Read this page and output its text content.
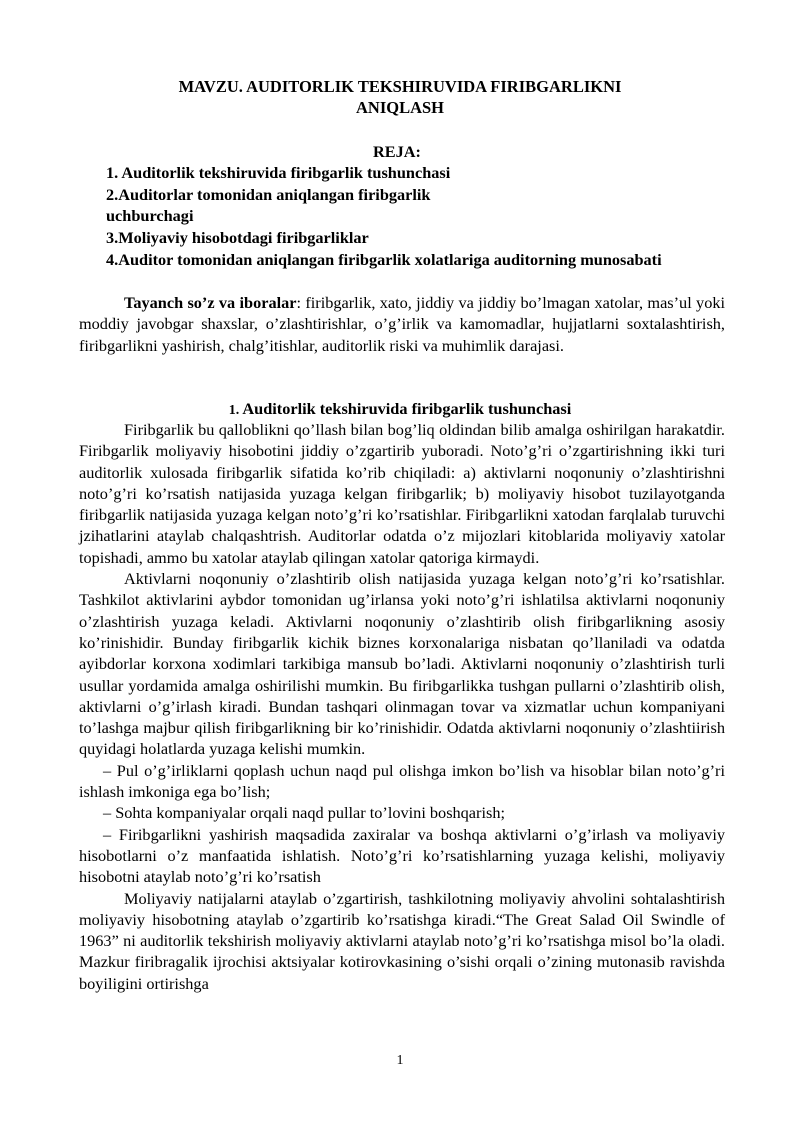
MAVZU. AUDITORLIK TEKSHIRUVIDA FIRIBGARLIKNI
ANIQLASH
REJA:
1. Auditorlik tekshiruvida firibgarlik tushunchasi
2.Auditorlar tomonidan aniqlangan firibgarlik
uchburchagi
3.Moliyaviy hisobotdagi firibgarliklar
4.Auditor tomonidan aniqlangan firibgarlik xolatlariga auditorning munosabati
Tayanch so’z va iboralar: firibgarlik, xato, jiddiy va jiddiy bo’lmagan xatolar, mas’ul yoki moddiy javobgar shaxslar, o’zlashtirishlar, o’g’irlik va kamomadlar, hujjatlarni soxtalashtirish, firibgarlikni yashirish, chalg’itishlar, auditorlik riski va muhimlik darajasi.
1. Auditorlik tekshiruvida firibgarlik tushunchasi

Firibgarlik bu qalloblikni qo’llash bilan bog’liq oldindan bilib amalga oshirilgan harakatdir. Firibgarlik moliyaviy hisobotini jiddiy o’zgartirib yuboradi. Noto’g’ri o’zgartirishning ikki turi auditorlik xulosada firibgarlik sifatida ko’rib chiqiladi: a) aktivlarni noqonuniy o’zlashtirishni noto’g’ri ko’rsatish natijasida yuzaga kelgan firibgarlik; b) moliyaviy hisobot tuzilayotganda firibgarlik natijasida yuzaga kelgan noto’g’ri ko’rsatishlar. Firibgarlikni xatodan farqlalab turuvchi jzihatlarini ataylab chalqashtrish. Auditorlar odatda o’z mijozlari kitoblarida moliyaviy xatolar topishadi, ammo bu xatolar ataylab qilingan xatolar qatoriga kirmaydi.

Aktivlarni noqonuniy o’zlashtirib olish natijasida yuzaga kelgan noto’g’ri ko’rsatishlar. Tashkilot aktivlarini aybdor tomonidan ug’irlansa yoki noto’g’ri ishlatilsa aktivlarni noqonuniy o’zlashtirish yuzaga keladi. Aktivlarni noqonuniy o’zlashtirib olish firibgarlikning asosiy ko’rinishidir. Bunday firibgarlik kichik biznes korxonalariga nisbatan qo’llaniladi va odatda ayibdorlar korxona xodimlari tarkibiga mansub bo’ladi. Aktivlarni noqonuniy o’zlashtirish turli usullar yordamida amalga oshirilishi mumkin. Bu firibgarlikka tushgan pullarni o’zlashtirib olish, aktivlarni o’g’irlash kiradi. Bundan tashqari olinmagan tovar va xizmatlar uchun kompaniyani to’lashga majbur qilish firibgarlikning bir ko’rinishidir. Odatda aktivlarni noqonuniy o’zlashtiirish quyidagi holatlarda yuzaga kelishi mumkin.

– Pul o’g’irliklarni qoplash uchun naqd pul olishga imkon bo’lish va hisoblar bilan noto’g’ri ishlash imkoniga ega bo’lish;

– Sohta kompaniyalar orqali naqd pullar to’lovini boshqarish;

– Firibgarlikni yashirish maqsadida zaxiralar va boshqa aktivlarni o’g’irlash va moliyaviy hisobotlarni o’z manfaatida ishlatish. Noto’g’ri ko’rsatishlarning yuzaga kelishi, moliyaviy hisobotni ataylab noto’g’ri ko’rsatish

Moliyaviy natijalarni ataylab o’zgartirish, tashkilotning moliyaviy ahvolini sohtalashtirish moliyaviy hisobotning ataylab o’zgartirib ko’rsatishga kiradi.“The Great Salad Oil Swindle of 1963” ni auditorlik tekshirish moliyaviy aktivlarni ataylab noto’g’ri ko’rsatishga misol bo’la oladi. Mazkur firibragalik ijrochisi aktsiyalar kotirovkasining o’sishi orqali o’zining mutonasib ravishda boyiligini ortirishga

1
